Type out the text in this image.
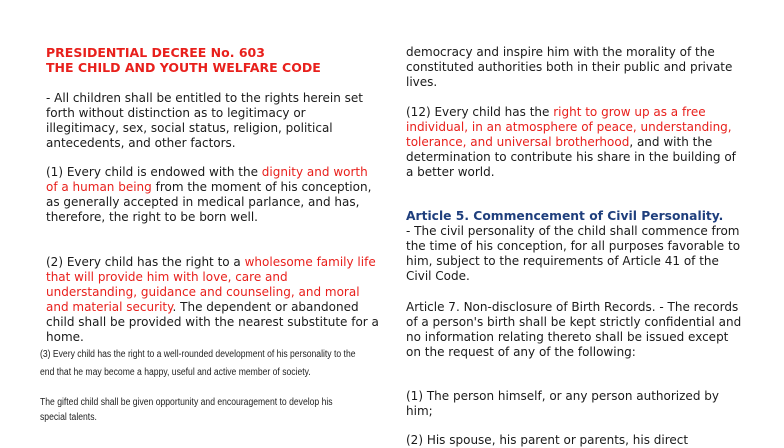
PRESIDENTIAL DECREE No. 603
THE CHILD AND YOUTH WELFARE CODE

- All children shall be entitled to the rights herein set forth without distinction as to legitimacy or illegitimacy, sex, social status, religion, political antecedents, and other factors.

(1) Every child is endowed with the dignity and worth of a human being from the moment of his conception, as generally accepted in medical parlance, and has, therefore, the right to be born well.

(2) Every child has the right to a wholesome family life that will provide him with love, care and understanding, guidance and counseling, and moral and material security. The dependent or abandoned child shall be provided with the nearest substitute for a home.

(3) Every child has the right to a well-rounded development of his personality to the
end that he may become a happy, useful and active member of society.
The gifted child shall be given opportunity and encouragement to develop his
special talents.

democracy and inspire him with the morality of the constituted authorities both in their public and private lives.

(12) Every child has the right to grow up as a free individual, in an atmosphere of peace, understanding, tolerance, and universal brotherhood, and with the determination to contribute his share in the building of a better world.

Article 5. Commencement of Civil Personality.
- The civil personality of the child shall commence from the time of his conception, for all purposes favorable to him, subject to the requirements of Article 41 of the Civil Code.

Article 7. Non-disclosure of Birth Records. - The records of a person's birth shall be kept strictly confidential and no information relating thereto shall be issued except on the request of any of the following:

(1) The person himself, or any person authorized by him;

(2) His spouse, his parent or parents, his direct
